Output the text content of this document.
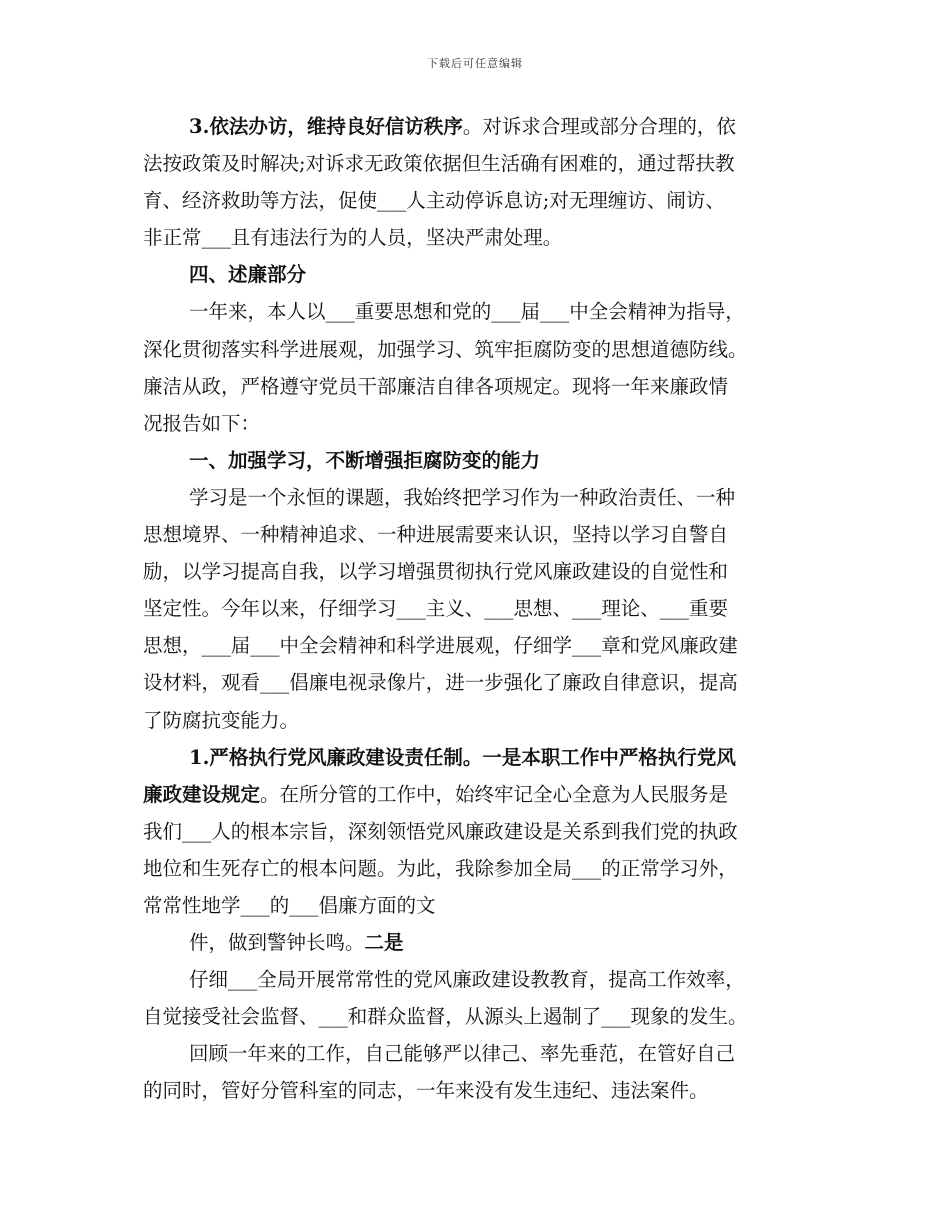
下载后可任意编辑
3.依法办访，维持良好信访秩序。对诉求合理或部分合理的，依
法按政策及时解决;对诉求无政策依据但生活确有困难的，通过帮扶教
育、经济救助等方法，促使___人主动停诉息访;对无理缠访、闹访、
非正常___且有违法行为的人员，坚决严肃处理。
四、述廉部分
一年来，本人以___重要思想和党的___届___中全会精神为指导，
深化贯彻落实科学进展观，加强学习、筑牢拒腐防变的思想道德防线。
廉洁从政，严格遵守党员干部廉洁自律各项规定。现将一年来廉政情
况报告如下：
一、加强学习，不断增强拒腐防变的能力
学习是一个永恒的课题，我始终把学习作为一种政治责任、一种
思想境界、一种精神追求、一种进展需要来认识，坚持以学习自警自
励，以学习提高自我，以学习增强贯彻执行党风廉政建设的自觉性和
坚定性。今年以来，仔细学习___主义、___思想、___理论、___重要
思想，___届___中全会精神和科学进展观，仔细学___章和党风廉政建
设材料，观看___倡廉电视录像片，进一步强化了廉政自律意识，提高
了防腐抗变能力。
1.严格执行党风廉政建设责任制。一是本职工作中严格执行党风
廉政建设规定。在所分管的工作中，始终牢记全心全意为人民服务是
我们___人的根本宗旨，深刻领悟党风廉政建设是关系到我们党的执政
地位和生死存亡的根本问题。为此，我除参加全局___的正常学习外，
常常性地学___的___倡廉方面的文
件，做到警钟长鸣。二是
仔细___全局开展常常性的党风廉政建设教教育，提高工作效率，
自觉接受社会监督、___和群众监督，从源头上遏制了___现象的发生。
回顾一年来的工作，自己能够严以律己、率先垂范，在管好自己
的同时，管好分管科室的同志，一年来没有发生违纪、违法案件。
